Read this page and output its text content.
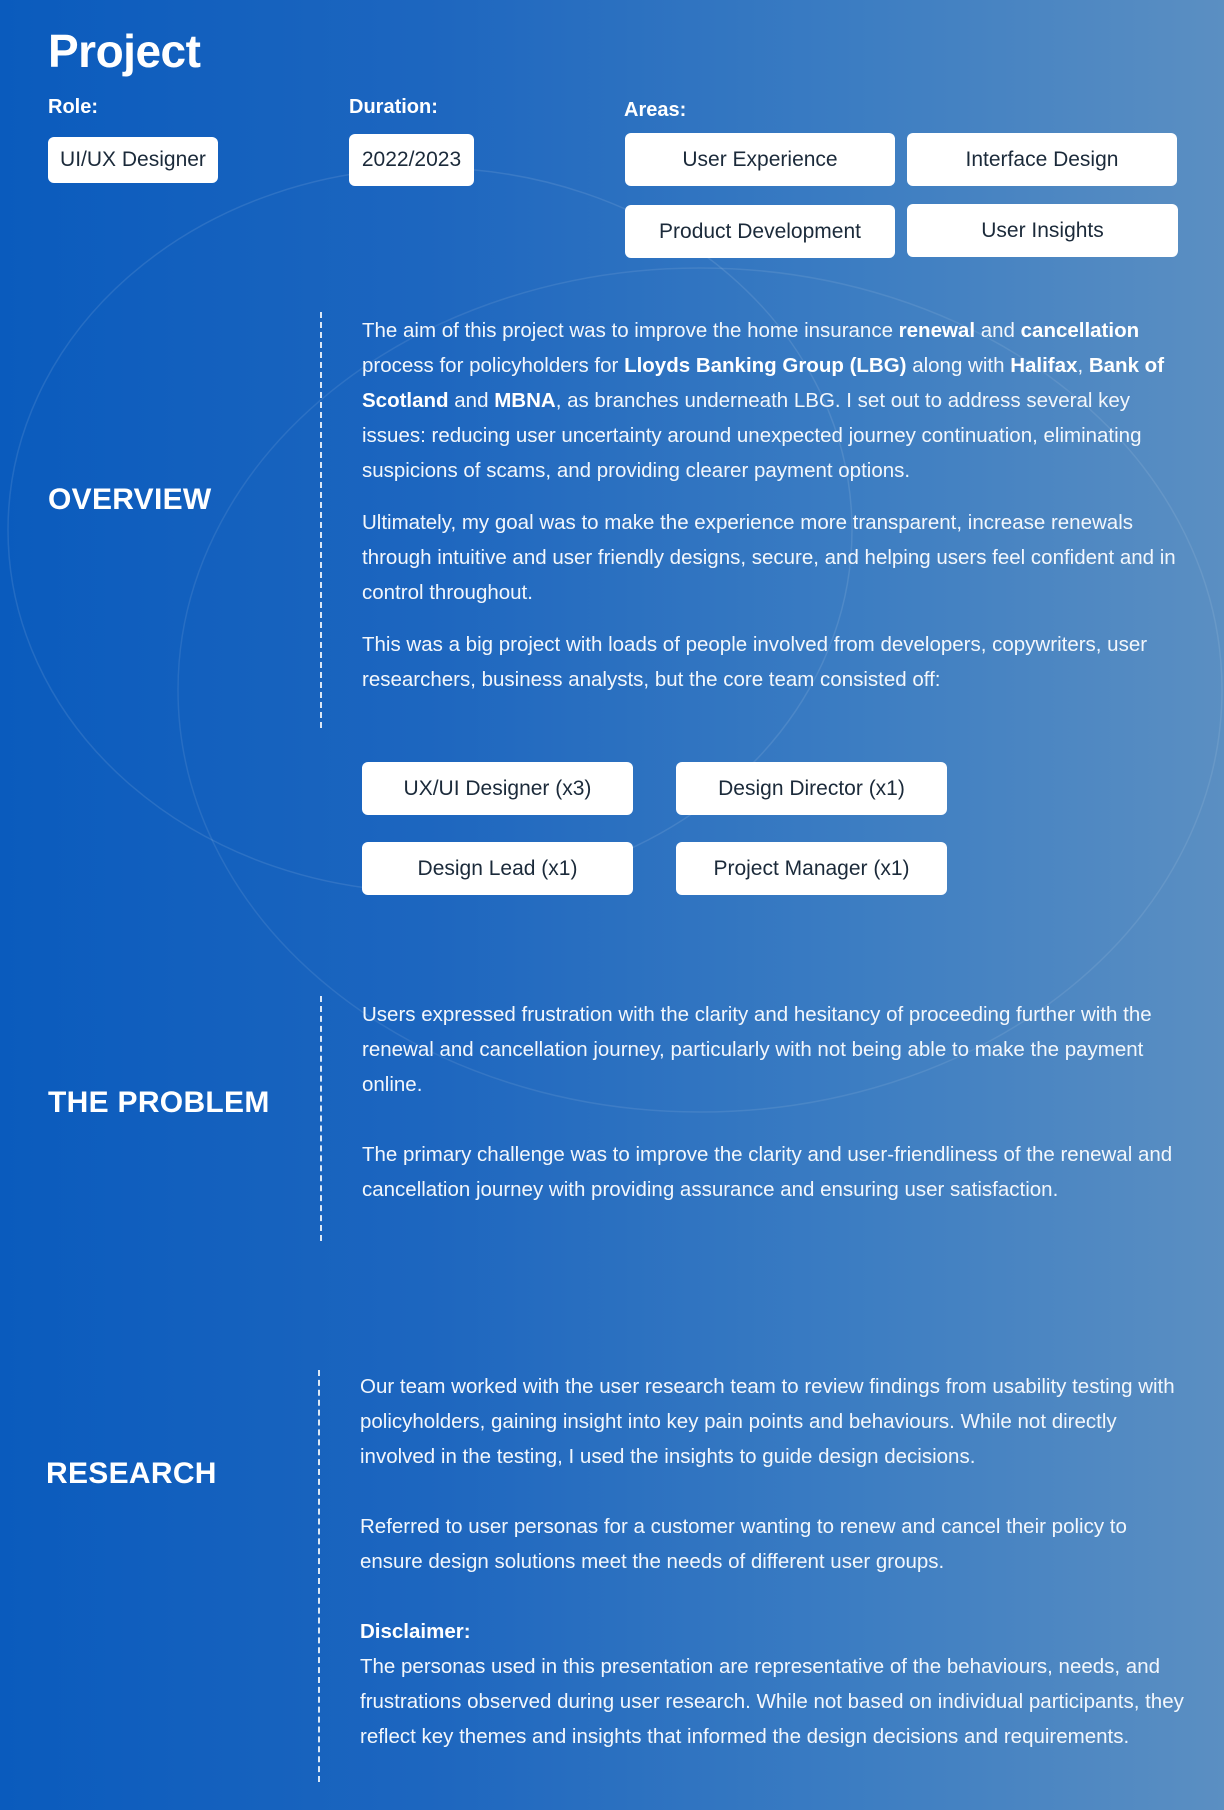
Project
Role:
UI/UX Designer
Duration:
2022/2023
Areas:
User Experience	Interface Design
Product Development	User Insights
OVERVIEW

The aim of this project was to improve the home insurance renewal and cancellation process for policyholders for Lloyds Banking Group (LBG) along with Halifax, Bank of Scotland and MBNA, as branches underneath LBG. I set out to address several key issues: reducing user uncertainty around unexpected journey continuation, eliminating suspicions of scams, and providing clearer payment options.

Ultimately, my goal was to make the experience more transparent, increase renewals through intuitive and user friendly designs, secure, and helping users feel confident and in control throughout.

This was a big project with loads of people involved from developers, copywriters, user researchers, business analysts, but the core team consisted off:

UX/UI Designer (x3)	Design Director (x1)
Design Lead (x1)	Project Manager (x1)
THE PROBLEM

Users expressed frustration with the clarity and hesitancy of proceeding further with the renewal and cancellation journey, particularly with not being able to make the payment online.

The primary challenge was to improve the clarity and user-friendliness of the renewal and cancellation journey with providing assurance and ensuring user satisfaction.

RESEARCH

Our team worked with the user research team to review findings from usability testing with policyholders, gaining insight into key pain points and behaviours. While not directly involved in the testing, I used the insights to guide design decisions.

Referred to user personas for a customer wanting to renew and cancel their policy to ensure design solutions meet the needs of different user groups.

Disclaimer:
The personas used in this presentation are representative of the behaviours, needs, and frustrations observed during user research. While not based on individual participants, they reflect key themes and insights that informed the design decisions and requirements.
